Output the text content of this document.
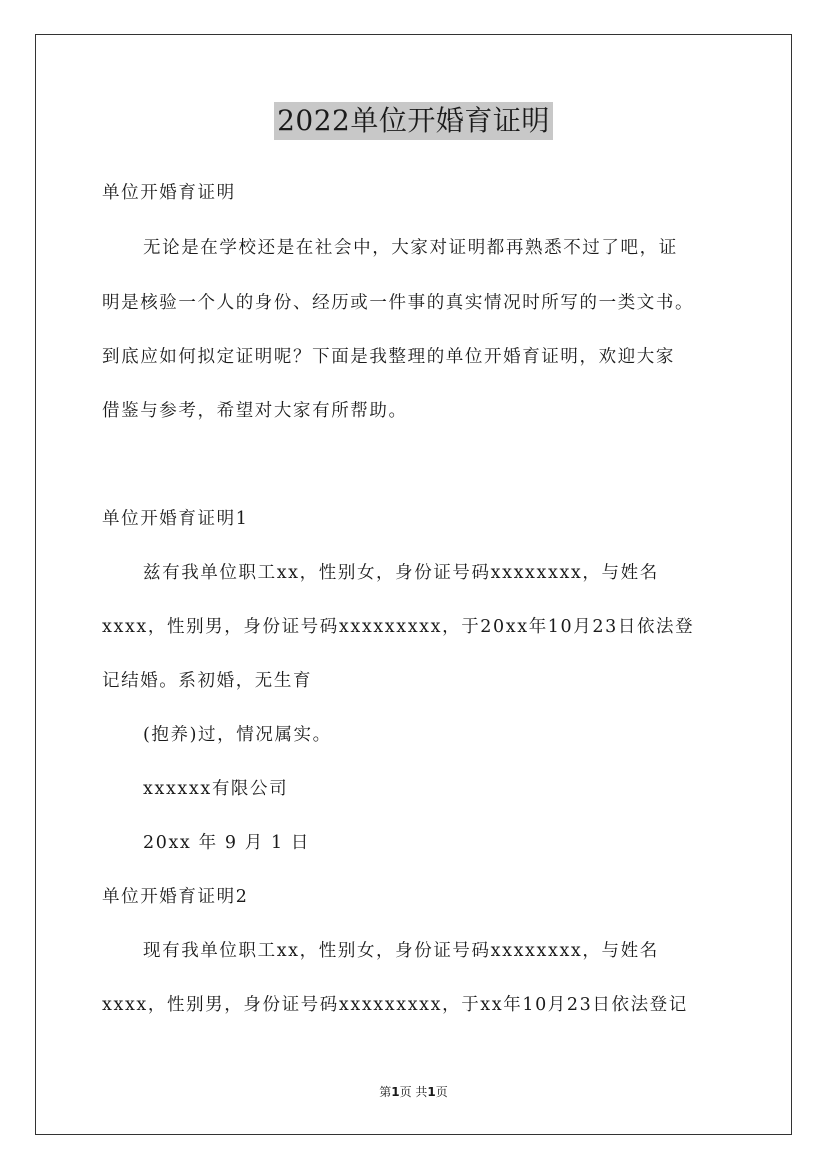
2022单位开婚育证明
单位开婚育证明
无论是在学校还是在社会中，大家对证明都再熟悉不过了吧，证
明是核验一个人的身份、经历或一件事的真实情况时所写的一类文书。
到底应如何拟定证明呢？下面是我整理的单位开婚育证明，欢迎大家
借鉴与参考，希望对大家有所帮助。
单位开婚育证明1
兹有我单位职工xx，性别女，身份证号码xxxxxxxx，与姓名
xxxx，性别男，身份证号码xxxxxxxxx，于20xx年10月23日依法登
记结婚。系初婚，无生育
(抱养)过，情况属实。
xxxxxx有限公司
20xx 年 9 月 1 日
单位开婚育证明2
现有我单位职工xx，性别女，身份证号码xxxxxxxx，与姓名
xxxx，性别男，身份证号码xxxxxxxxx，于xx年10月23日依法登记
第1页 共1页
